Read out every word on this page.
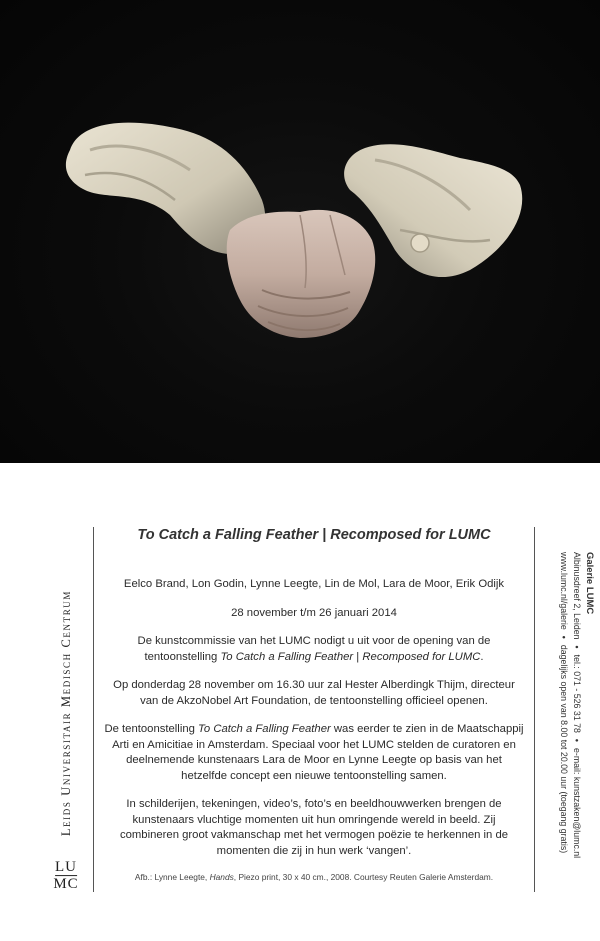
LU
MC
Leids Universitair Medisch Centrum
To Catch a Falling Feather | Recomposed for LUMC

Eelco Brand, Lon Godin, Lynne Leegte, Lin de Mol, Lara de Moor, Erik Odijk

28 november t/m 26 januari 2014

De kunstcommissie van het LUMC nodigt u uit voor de opening van de tentoonstelling To Catch a Falling Feather | Recomposed for LUMC.

Op donderdag 28 november om 16.30 uur zal Hester Alberdingk Thijm, directeur van de AkzoNobel Art Foundation, de tentoonstelling officieel openen.

De tentoonstelling To Catch a Falling Feather was eerder te zien in de Maatschappij Arti en Amicitiae in Amsterdam. Speciaal voor het LUMC stelden de curatoren en deelnemende kunstenaars Lara de Moor en Lynne Leegte op basis van het hetzelfde concept een nieuwe tentoonstelling samen.

In schilderijen, tekeningen, video’s, foto’s en beeldhouwwerken brengen de kunstenaars vluchtige momenten uit hun omringende wereld in beeld. Zij combineren groot vakmanschap met het vermogen poëzie te herkennen in de momenten die zij in hun werk ‘vangen’.

Afb.: Lynne Leegte, Hands, Piezo print, 30 x 40 cm., 2008. Courtesy Reuten Galerie Amsterdam.
Galerie LUMC
Albinusdreef 2, Leiden•tel.: 071 - 526 31 78•e-mail: kunstzaken@lumc.nl
www.lumc.nl/galerie•dagelijks open van 8.00 tot 20.00 uur (toegang gratis)
